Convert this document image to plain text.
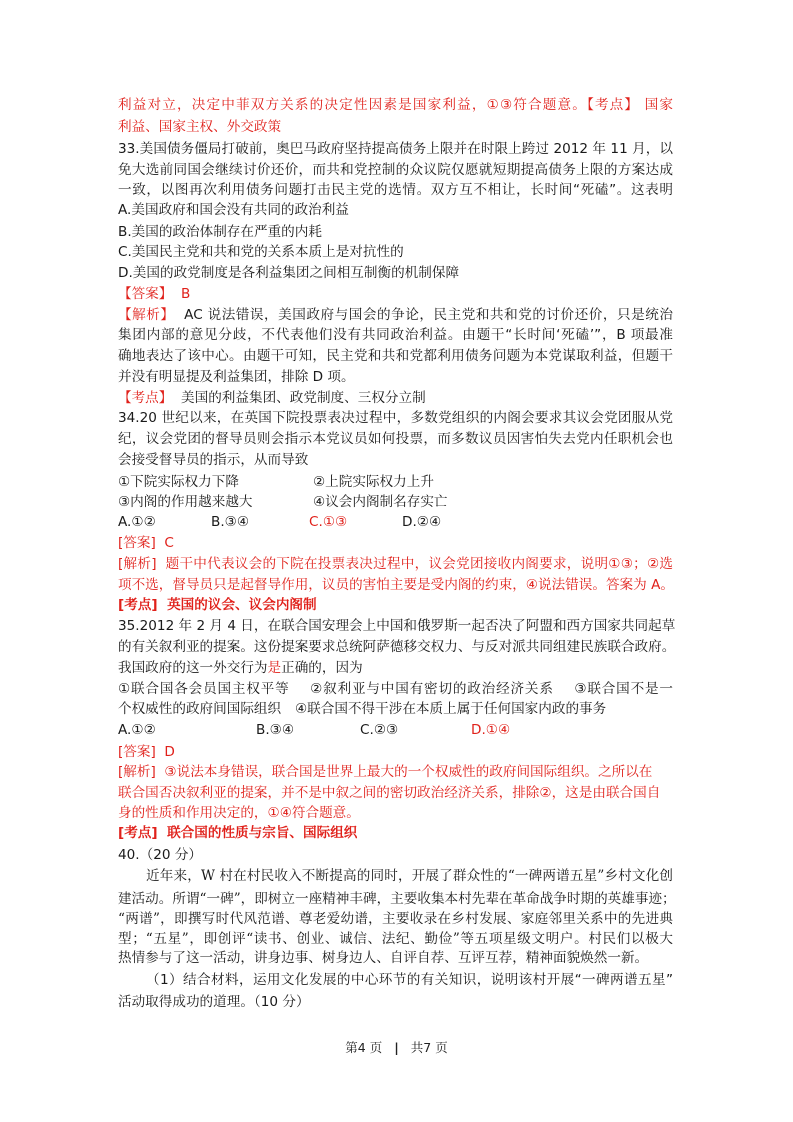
利益对立，决定中菲双方关系的决定性因素是国家利益，①③符合题意。【考点】 国家
利益、国家主权、外交政策
33.美国债务僵局打破前，奥巴马政府坚持提高债务上限并在时限上跨过 2012 年 11 月，以
免大选前同国会继续讨价还价，而共和党控制的众议院仅愿就短期提高债务上限的方案达成
一致，以图再次利用债务问题打击民主党的选情。双方互不相让，长时间“死磕”。这表明
A.美国政府和国会没有共同的政治利益
B.美国的政治体制存在严重的内耗
C.美国民主党和共和党的关系本质上是对抗性的
D.美国的政党制度是各利益集团之间相互制衡的机制保障
【答案】  B
【解析】  AC 说法错误，美国政府与国会的争论，民主党和共和党的讨价还价，只是统治
集团内部的意见分歧，不代表他们没有共同政治利益。由题干“长时间‘死磕’”，B 项最准
确地表达了该中心。由题干可知，民主党和共和党都利用债务问题为本党谋取利益，但题干
并没有明显提及利益集团，排除 D 项。
【考点】  美国的利益集团、政党制度、三权分立制
34.20 世纪以来，在英国下院投票表决过程中，多数党组织的内阁会要求其议会党团服从党
纪，议会党团的督导员则会指示本党议员如何投票，而多数议员因害怕失去党内任职机会也
会接受督导员的指示，从而导致
①下院实际权力下降	②上院实际权力上升
③内阁的作用越来越大	④议会内阁制名存实亡
A.①②	B.③④	C.①③	D.②④
[答案]  C
[解析]  题干中代表议会的下院在投票表决过程中，议会党团接收内阁要求，说明①③；②选
项不选，督导员只是起督导作用，议员的害怕主要是受内阁的约束，④说法错误。答案为 A。
[考点]  英国的议会、议会内阁制
35.2012 年 2 月 4 日，在联合国安理会上中国和俄罗斯一起否决了阿盟和西方国家共同起草
的有关叙利亚的提案。这份提案要求总统阿萨德移交权力、与反对派共同组建民族联合政府。
我国政府的这一外交行为是正确的，因为
①联合国各会员国主权平等    ②叙利亚与中国有密切的政治经济关系    ③联合国不是一
个权威性的政府间国际组织 ④联合国不得干涉在本质上属于任何国家内政的事务
A.①②	B.③④	C.②③	D.①④
[答案]  D
[解析]  ③说法本身错误，联合国是世界上最大的一个权威性的政府间国际组织。之所以在
联合国否决叙利亚的提案，并不是中叙之间的密切政治经济关系，排除②，这是由联合国自
身的性质和作用决定的，①④符合题意。
[考点]  联合国的性质与宗旨、国际组织
40.（20 分）
近年来，W 村在村民收入不断提高的同时，开展了群众性的“一碑两谱五星”乡村文化创
建活动。所谓“一碑”，即树立一座精神丰碑，主要收集本村先辈在革命战争时期的英雄事迹；
“两谱”，即撰写时代风范谱、尊老爱幼谱，主要收录在乡村发展、家庭邻里关系中的先进典
型；“五星”，即创评“读书、创业、诚信、法纪、勤俭”等五项星级文明户。村民们以极大
热情参与了这一活动，讲身边事、树身边人、自评自荐、互评互荐，精神面貌焕然一新。
（1）结合材料，运用文化发展的中心环节的有关知识，说明该村开展“一碑两谱五星”
活动取得成功的道理。（10 分）
第4 页 | 共7 页
